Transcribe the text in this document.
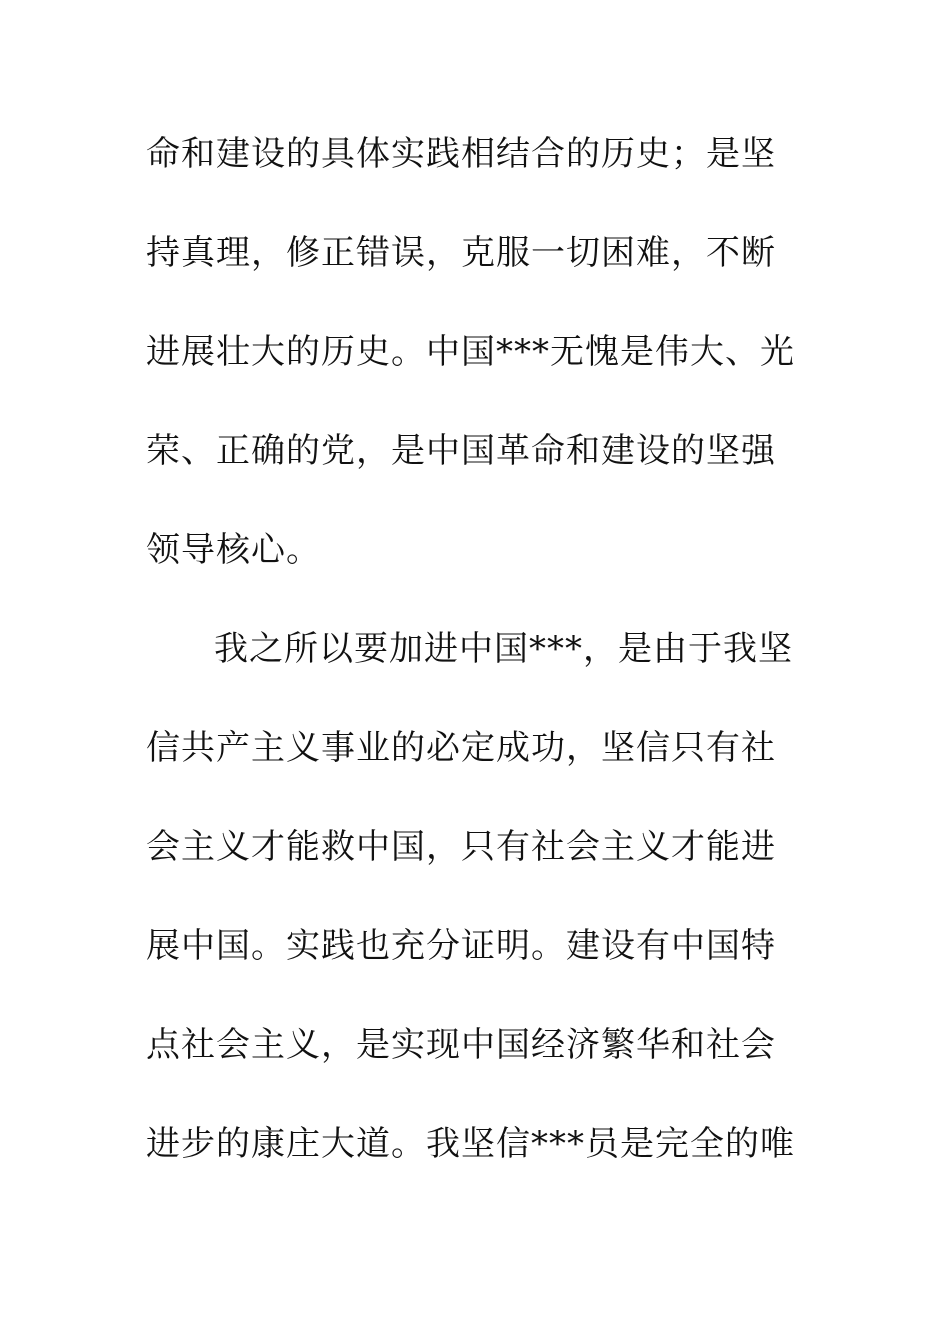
命和建设的具体实践相结合的历史；是坚
持真理，修正错误，克服一切困难，不断
进展壮大的历史。中国***无愧是伟大、光
荣、正确的党，是中国革命和建设的坚强
领导核心。
我之所以要加进中国***，是由于我坚
信共产主义事业的必定成功，坚信只有社
会主义才能救中国，只有社会主义才能进
展中国。实践也充分证明。建设有中国特
点社会主义，是实现中国经济繁华和社会
进步的康庄大道。我坚信***员是完全的唯
